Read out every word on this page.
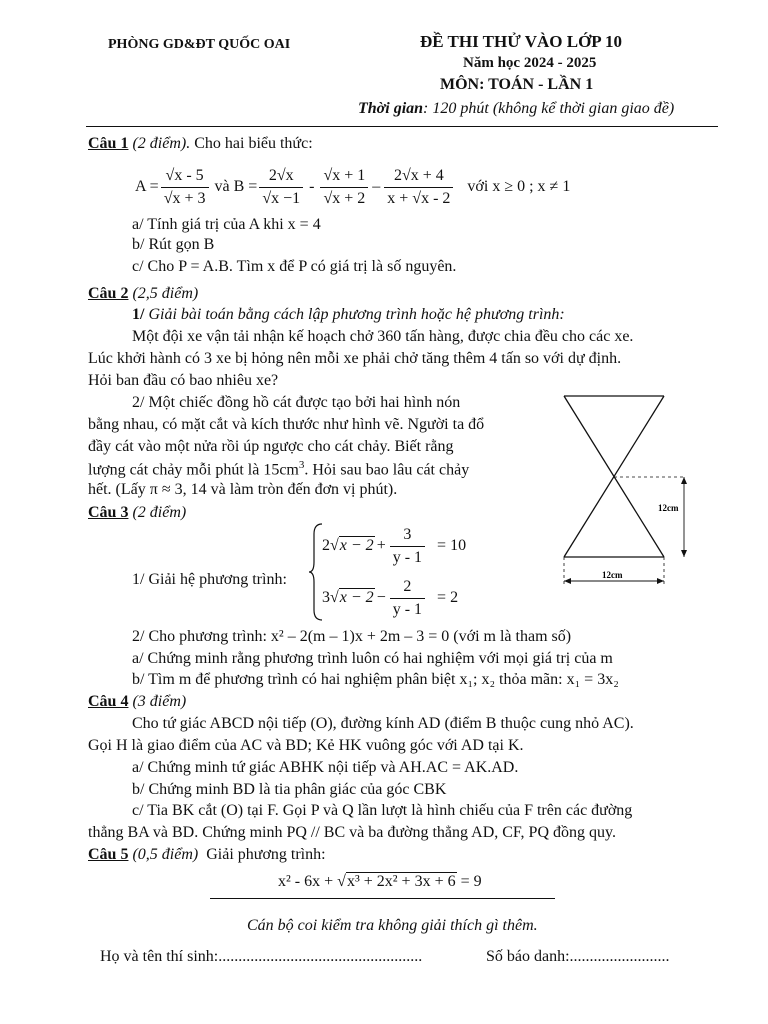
PHÒNG GD&ĐT QUỐC OAI	ĐỀ THI THỬ VÀO LỚP 10
Năm học 2024 - 2025
MÔN: TOÁN - LẦN 1
Thời gian: 120 phút (không kể thời gian giao đề)
Câu 1 (2 điểm). Cho hai biểu thức:
$A = \frac{√x - 5}{√x + 3}$ và $B = \frac{2√x}{√x -1} - \frac{√x + 1}{√x + 2} - \frac{2√x + 4}{x + √x - 2}$ với x ≥ 0 ; x ≠ 1
a/ Tính giá trị của A khi x = 4
b/ Rút gọn B
c/ Cho P = A.B. Tìm x để P có giá trị là số nguyên.
Câu 2 (2,5 điểm)
1/ Giải bài toán bằng cách lập phương trình hoặc hệ phương trình:
Một đội xe vận tải nhận kế hoạch chở 360 tấn hàng, được chia đều cho các xe.
Lúc khởi hành có 3 xe bị hỏng nên mỗi xe phải chở tăng thêm 4 tấn so với dự định.
Hỏi ban đầu có bao nhiêu xe?
2/ Một chiếc đồng hồ cát được tạo bởi hai hình nón
bằng nhau, có mặt cắt và kích thước như hình vẽ. Người ta đổ
đầy cát vào một nửa rồi úp ngược cho cát chảy. Biết rằng
lượng cát chảy mỗi phút là $15cm^3$. Hỏi sau bao lâu cát chảy
hết. (Lấy π ≈ 3, 14 và làm tròn đến đơn vị phút).
12cm
12cm
Câu 3 (2 điểm)
1/ Giải hệ phương trình:
2 $√x - 2 + \frac{3}{y - 1} = 10$
3 $√x - 2 - \frac{2}{y - 1} = 2$
2/ Cho phương trình: x² – 2(m – 1)x + 2m – 3 = 0 (với m là tham số)
a/ Chứng minh rằng phương trình luôn có hai nghiệm với mọi giá trị của m
b/ Tìm m để phương trình có hai nghiệm phân biệt x₁; x₂ thỏa mãn: x₁ = 3x₂
Câu 4 (3 điểm)
Cho tứ giác ABCD nội tiếp (O), đường kính AD (điểm B thuộc cung nhỏ AC).
Gọi H là giao điểm của AC và BD; Kẻ HK vuông góc với AD tại K.
a/ Chứng minh tứ giác ABHK nội tiếp và AH.AC = AK.AD.
b/ Chứng minh BD là tia phân giác của góc CBK
c/ Tia BK cắt (O) tại F. Gọi P và Q lần lượt là hình chiếu của F trên các đường
thẳng BA và BD. Chứng minh PQ // BC và ba đường thẳng AD, CF, PQ đồng quy.
Câu 5 (0,5 điểm) Giải phương trình:
x² - 6x + √x³ + 2x² + 3x + 6 = 9
Cán bộ coi kiểm tra không giải thích gì thêm.
Họ và tên thí sinh:...................................................	Số báo danh:.........................
